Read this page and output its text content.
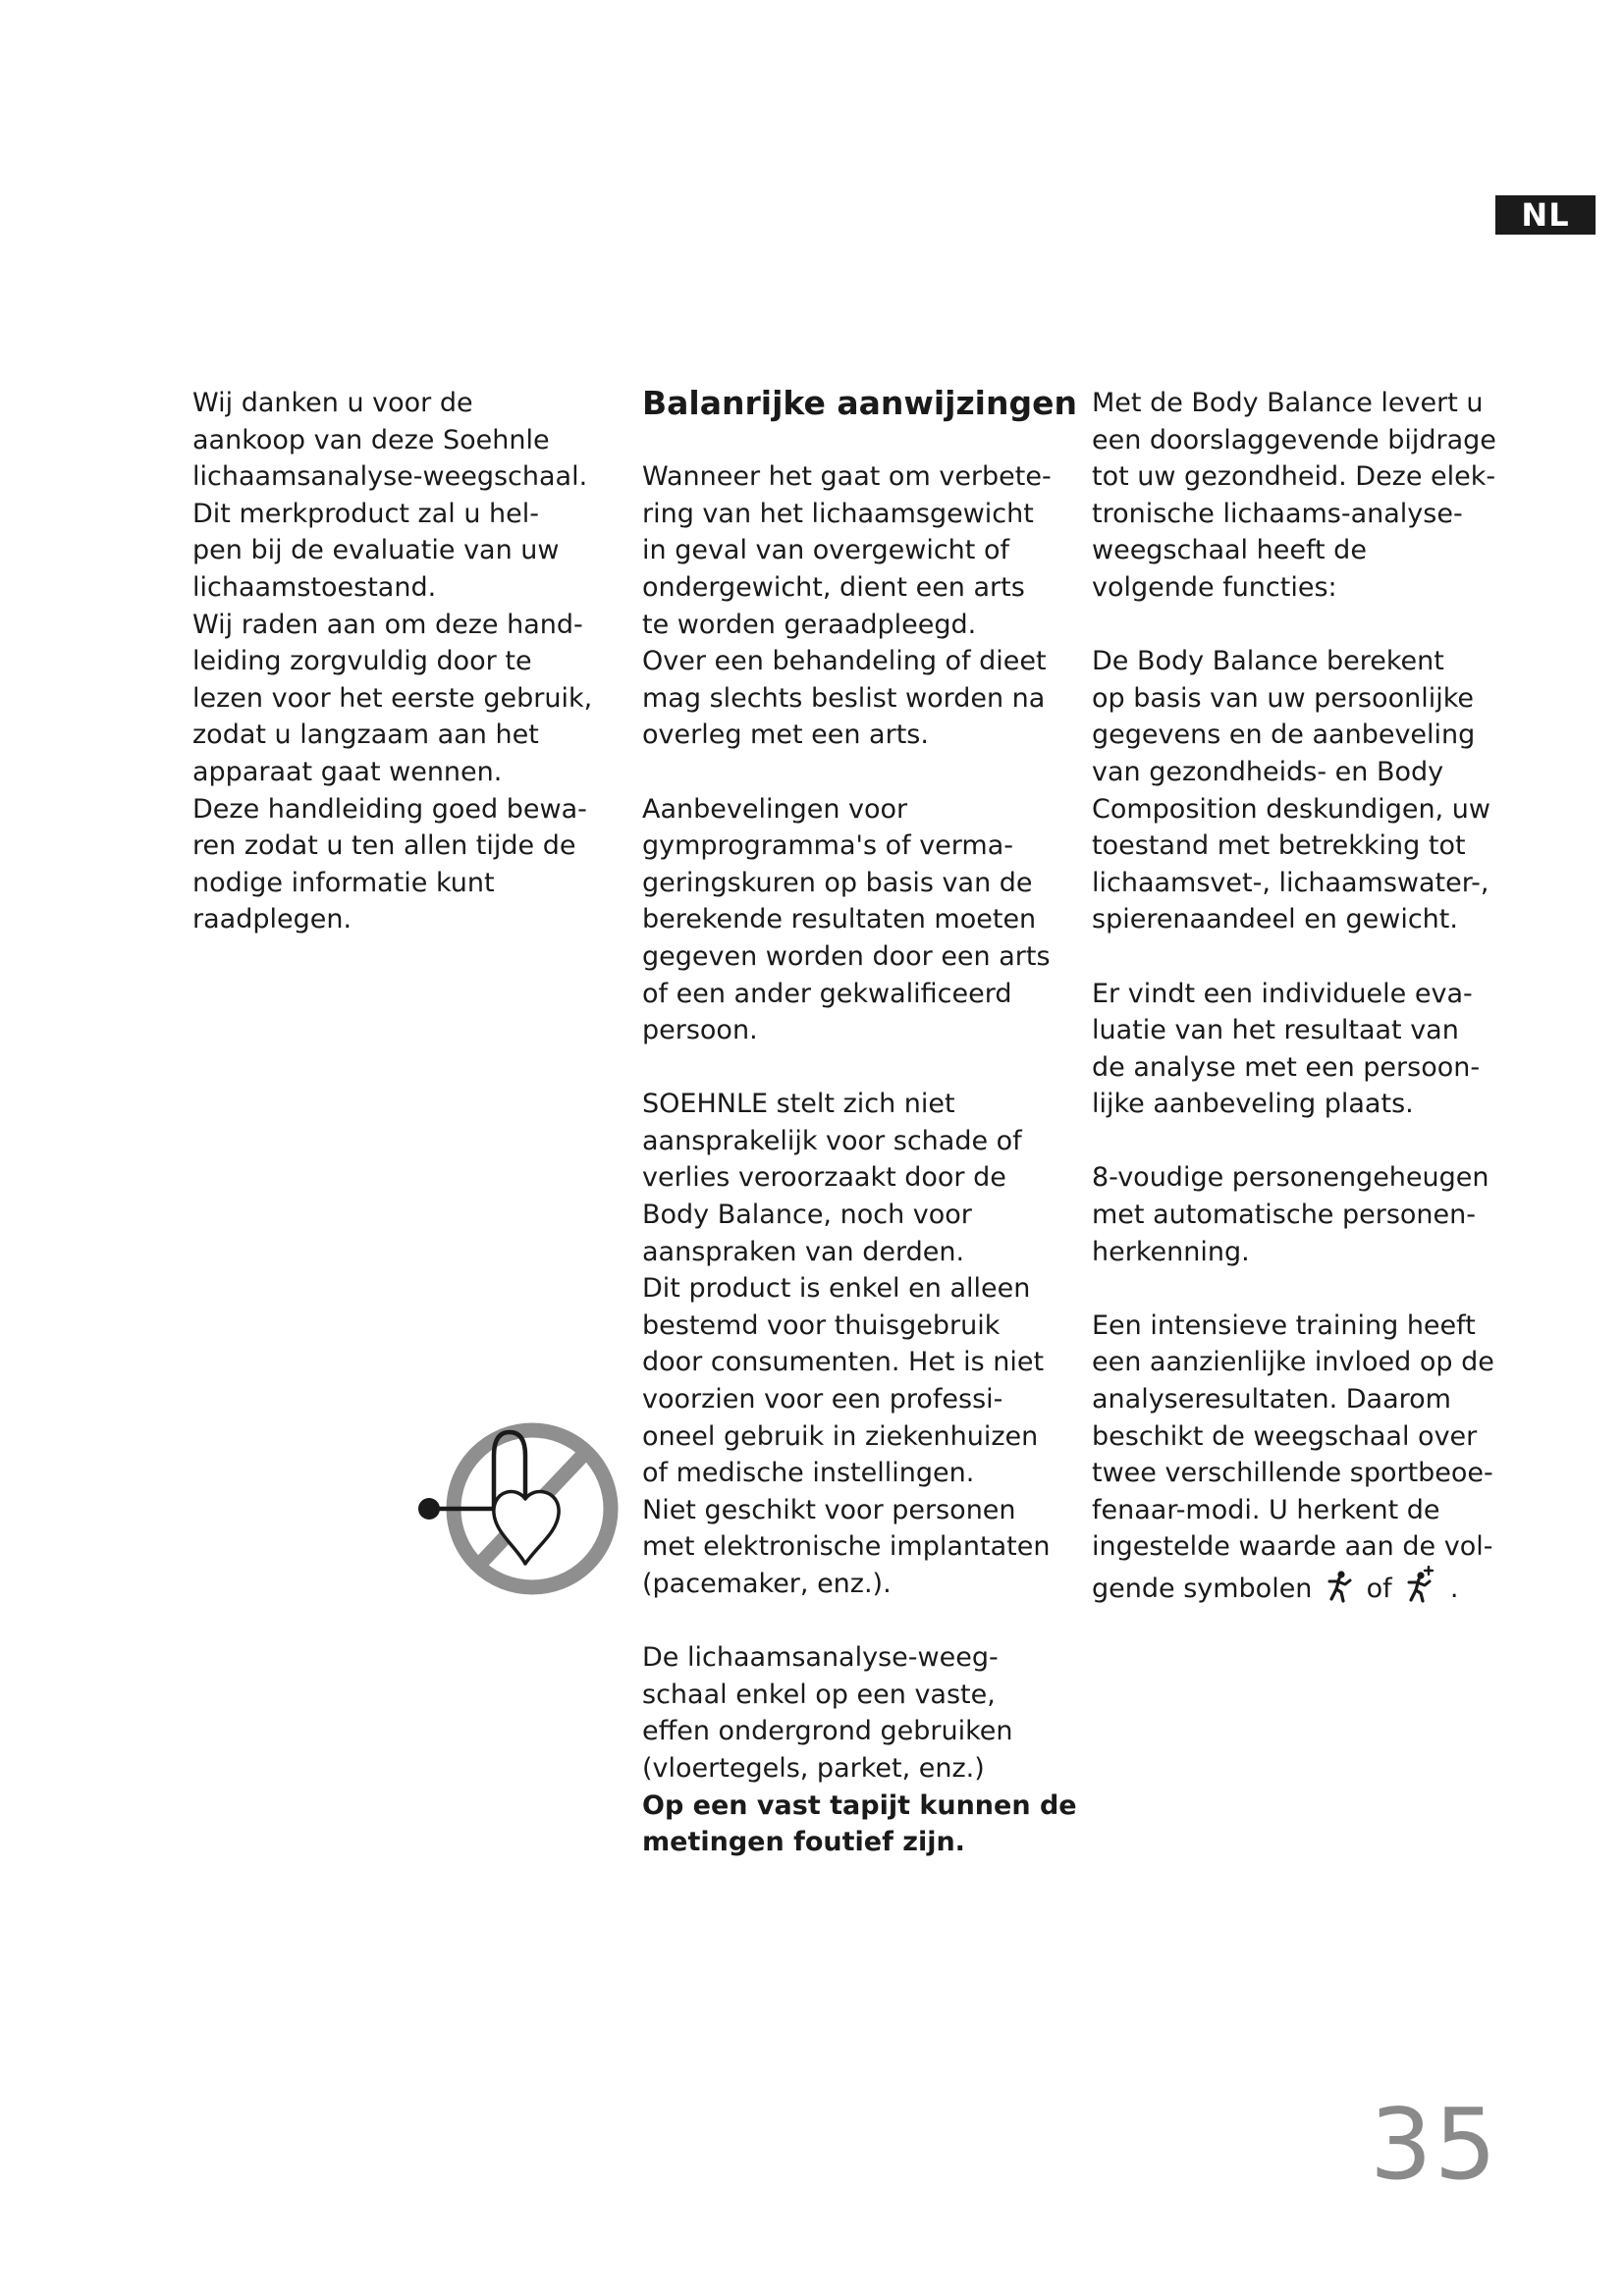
NL
Wij danken u voor de
aankoop van deze Soehnle
lichaamsanalyse-weegschaal.
Dit merkproduct zal u hel-
pen bij de evaluatie van uw
lichaamstoestand.
Wij raden aan om deze hand-
leiding zorgvuldig door te
lezen voor het eerste gebruik,
zodat u langzaam aan het
apparaat gaat wennen.
Deze handleiding goed bewa-
ren zodat u ten allen tijde de
nodige informatie kunt
raadplegen.
Balanrijke aanwijzingen
Wanneer het gaat om verbete-
ring van het lichaamsgewicht
in geval van overgewicht of
ondergewicht, dient een arts
te worden geraadpleegd.
Over een behandeling of dieet
mag slechts beslist worden na
overleg met een arts.
Aanbevelingen voor
gymprogramma's of verma-
geringskuren op basis van de
berekende resultaten moeten
gegeven worden door een arts
of een ander gekwalificeerd
persoon.
SOEHNLE stelt zich niet
aansprakelijk voor schade of
verlies veroorzaakt door de
Body Balance, noch voor
aanspraken van derden.
Dit product is enkel en alleen
bestemd voor thuisgebruik
door consumenten. Het is niet
voorzien voor een professi-
oneel gebruik in ziekenhuizen
of medische instellingen.
Niet geschikt voor personen
met elektronische implantaten
(pacemaker, enz.).
De lichaamsanalyse-weeg-
schaal enkel op een vaste,
effen ondergrond gebruiken
(vloertegels, parket, enz.)
Op een vast tapijt kunnen de
metingen foutief zijn.
Met de Body Balance levert u
een doorslaggevende bijdrage
tot uw gezondheid. Deze elek-
tronische lichaams-analyse-
weegschaal heeft de
volgende functies:
De Body Balance berekent
op basis van uw persoonlijke
gegevens en de aanbeveling
van gezondheids- en Body
Composition deskundigen, uw
toestand met betrekking tot
lichaamsvet-, lichaamswater-,
spierenaandeel en gewicht.
Er vindt een individuele eva-
luatie van het resultaat van
de analyse met een persoon-
lijke aanbeveling plaats.
8-voudige personengeheugen
met automatische personen-
herkenning.
Een intensieve training heeft
een aanzienlijke invloed op de
analyseresultaten. Daarom
beschikt de weegschaal over
twee verschillende sportbeoe-
fenaar-modi. U herkent de
ingestelde waarde aan de vol-
gende symbolen of .
35
